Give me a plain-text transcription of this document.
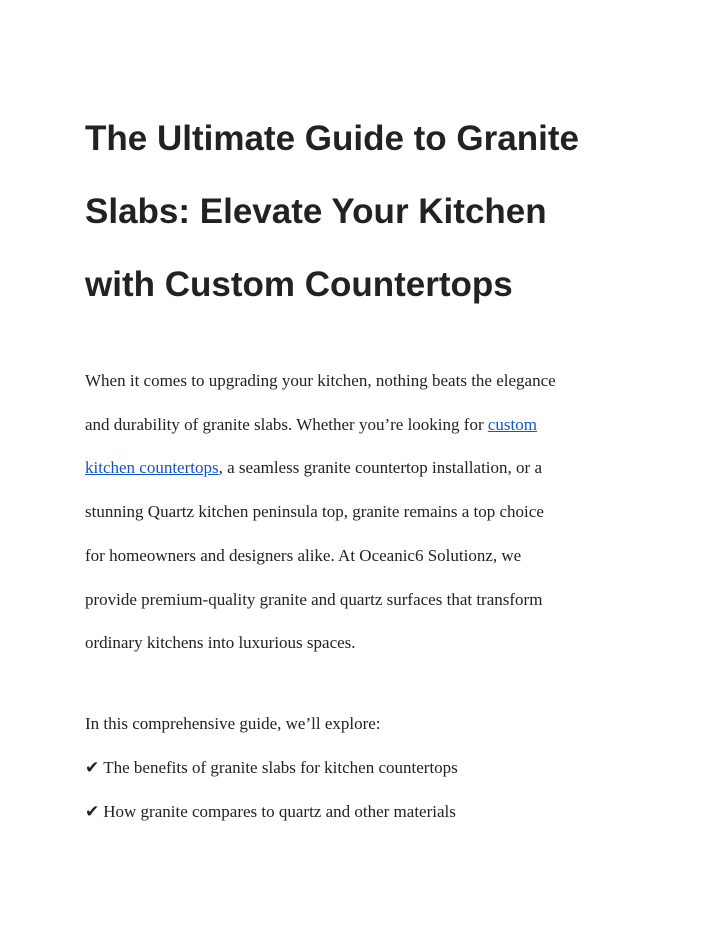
The Ultimate Guide to Granite
Slabs: Elevate Your Kitchen
with Custom Countertops

When it comes to upgrading your kitchen, nothing beats the elegance
and durability of granite slabs. Whether you’re looking for custom
kitchen countertops, a seamless granite countertop installation, or a
stunning Quartz kitchen peninsula top, granite remains a top choice
for homeowners and designers alike. At Oceanic6 Solutionz, we
provide premium-quality granite and quartz surfaces that transform
ordinary kitchens into luxurious spaces.

In this comprehensive guide, we’ll explore:
✔ The benefits of granite slabs for kitchen countertops
✔ How granite compares to quartz and other materials
